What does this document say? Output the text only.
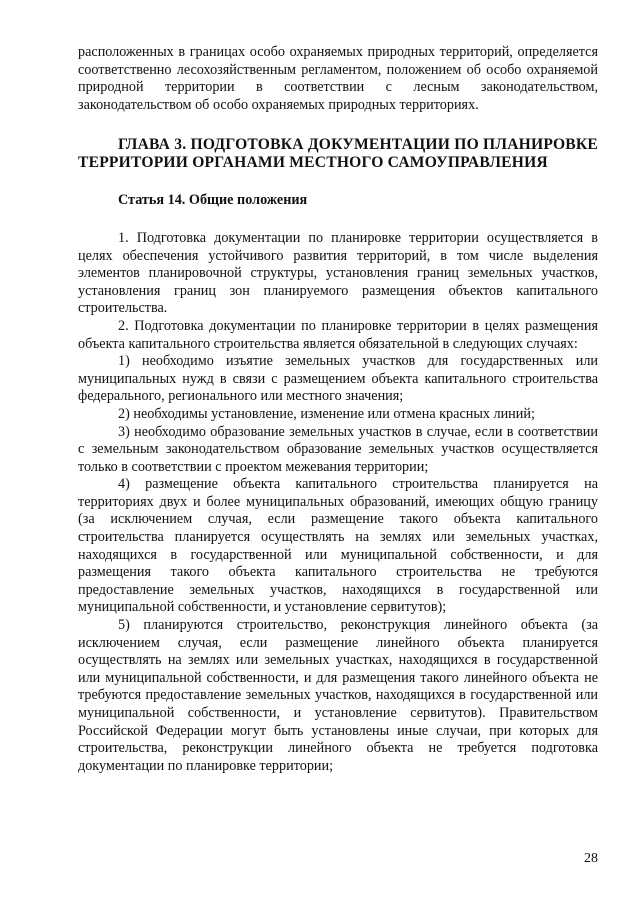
расположенных в границах особо охраняемых природных территорий, определяется соответственно лесохозяйственным регламентом, положением об особо охраняемой природной территории в соответствии с лесным законодательством, законодательством об особо охраняемых природных территориях.

ГЛАВА 3. ПОДГОТОВКА ДОКУМЕНТАЦИИ ПО ПЛАНИРОВКЕ ТЕРРИТОРИИ ОРГАНАМИ МЕСТНОГО САМОУПРАВЛЕНИЯ

Статья 14. Общие положения

1. Подготовка документации по планировке территории осуществляется в целях обеспечения устойчивого развития территорий, в том числе выделения элементов планировочной структуры, установления границ земельных участков, установления границ зон планируемого размещения объектов капитального строительства.

2. Подготовка документации по планировке территории в целях размещения объекта капитального строительства является обязательной в следующих случаях:

1) необходимо изъятие земельных участков для государственных или муниципальных нужд в связи с размещением объекта капитального строительства федерального, регионального или местного значения;

2) необходимы установление, изменение или отмена красных линий;

3) необходимо образование земельных участков в случае, если в соответствии с земельным законодательством образование земельных участков осуществляется только в соответствии с проектом межевания территории;

4) размещение объекта капитального строительства планируется на территориях двух и более муниципальных образований, имеющих общую границу (за исключением случая, если размещение такого объекта капитального строительства планируется осуществлять на землях или земельных участках, находящихся в государственной или муниципальной собственности, и для размещения такого объекта капитального строительства не требуются предоставление земельных участков, находящихся в государственной или муниципальной собственности, и установление сервитутов);

5) планируются строительство, реконструкция линейного объекта (за исключением случая, если размещение линейного объекта планируется осуществлять на землях или земельных участках, находящихся в государственной или муниципальной собственности, и для размещения такого линейного объекта не требуются предоставление земельных участков, находящихся в государственной или муниципальной собственности, и установление сервитутов). Правительством Российской Федерации могут быть установлены иные случаи, при которых для строительства, реконструкции линейного объекта не требуется подготовка документации по планировке территории;

28
